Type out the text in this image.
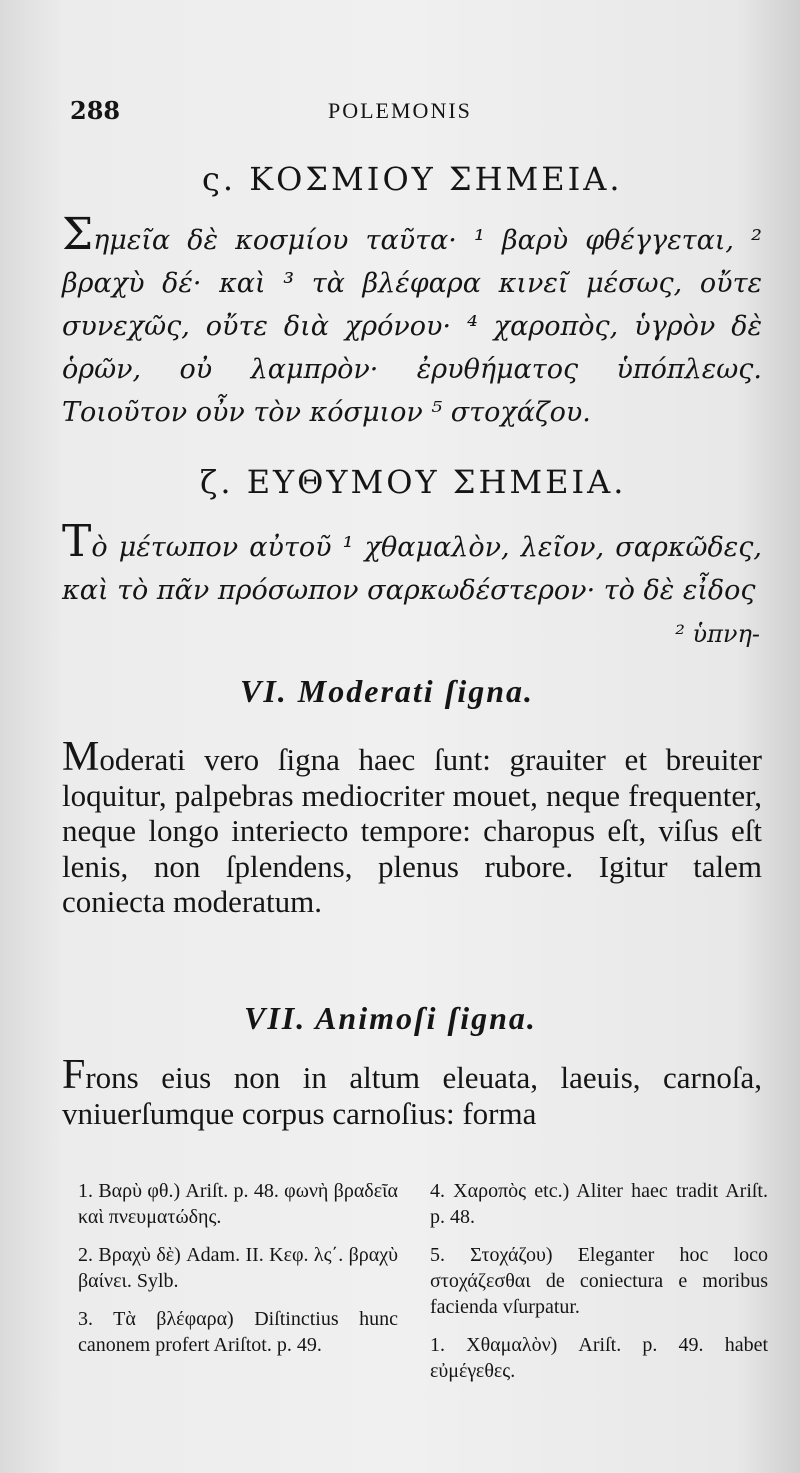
288	POLEMONIS
ς. ΚΟΣΜΙΟΥ ΣΗΜΕΙΑ.
Σημεῖα δὲ κοσμίου ταῦτα· ¹ βαρὺ φθέγγεται, ² βραχὺ δέ· καὶ ³ τὰ βλέφαρα κινεῖ μέσως, οὔτε συνεχῶς, οὔτε διὰ χρόνου· ⁴ χαροπὸς, ὑγρὸν δὲ ὁρῶν, οὐ λαμπρὸν· ἐρυθήματος ὑπόπλεως. Τοιοῦτον οὖν τὸν κόσμιον ⁵ στοχάζου.
ζ. ΕΥΘΥΜΟΥ ΣΗΜΕΙΑ.
Τὸ μέτωπον αὐτοῦ ¹ χθαμαλὸν, λεῖον, σαρκῶδες, καὶ τὸ πᾶν πρόσωπον σαρκωδέστερον· τὸ δὲ εἶδος
² ὑπνη-
VI. Moderati ſigna.
Moderati vero ſigna haec ſunt: grauiter et breuiter loquitur, palpebras mediocriter mouet, neque frequenter, neque longo interiecto tempore: charopus eſt, viſus eſt lenis, non ſplendens, plenus rubore. Igitur talem coniecta moderatum.
VII. Animoſi ſigna.
Frons eius non in altum eleuata, laeuis, carnoſa, vniuerſumque corpus carnoſius: forma
1. Βαρὺ φθ.) Ariſt. p. 48. φωνὴ βραδεῖα καὶ πνευματώδης.
2. Βραχὺ δὲ) Adam. II. Κεφ. λς΄. βραχὺ βαίνει. Sylb.
3. Τὰ βλέφαρα) Diſtinctius hunc canonem profert Ariſtot. p. 49.
4. Χαροπὸς etc.) Aliter haec tradit Ariſt. p. 48.
5. Στοχάζου) Eleganter hoc loco στοχάζεσθαι de coniectura e moribus facienda vſurpatur.
1. Χθαμαλὸν) Ariſt. p. 49. habet εὐμέγεθες.
